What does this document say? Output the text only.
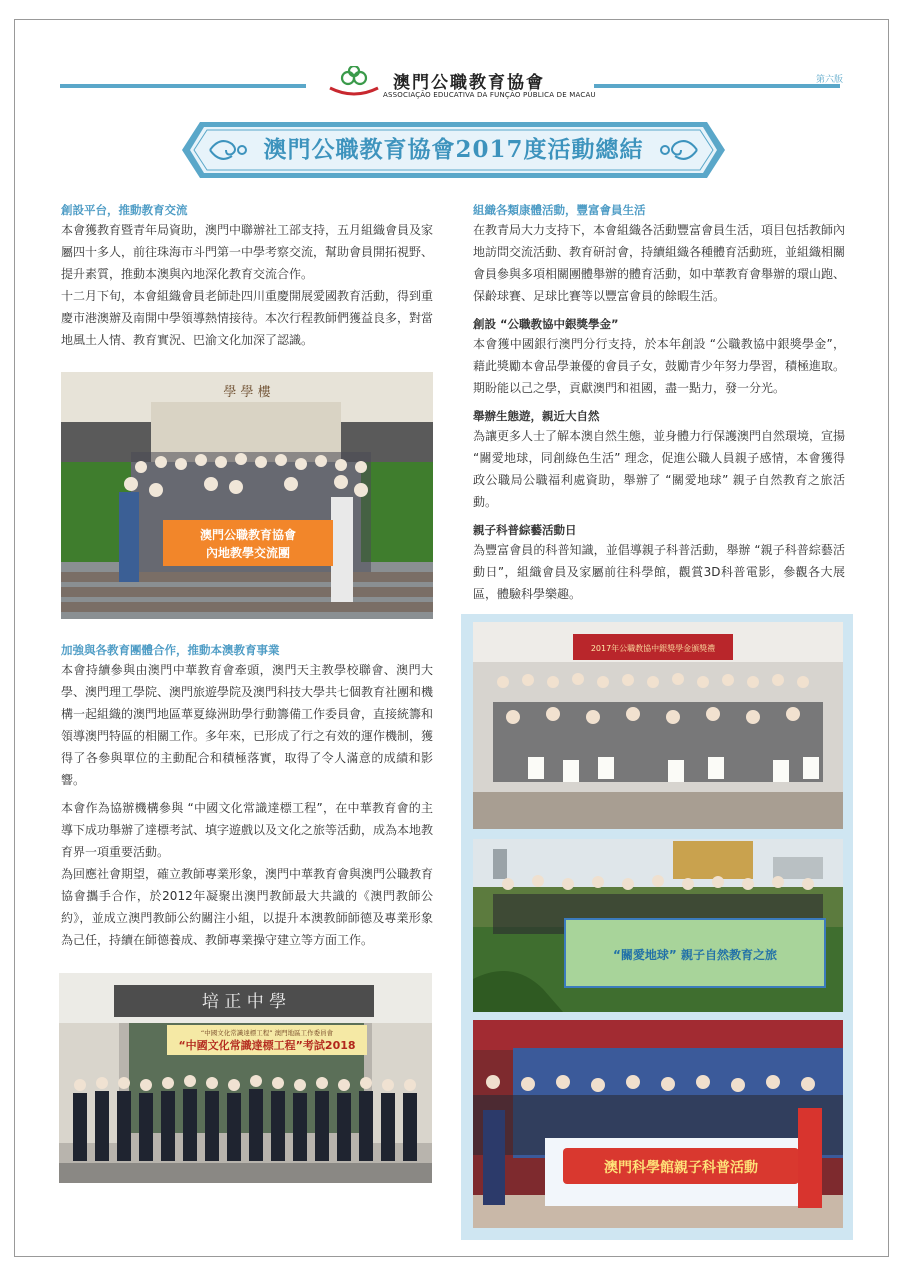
澳門公職教育協會
ASSOCIAÇÃO EDUCATIVA DA FUNÇÃO PÚBLICA DE MACAU
第六版
澳門公職教育協會2017度活動總結
創設平台，推動教育交流

本會獲教育暨青年局資助，澳門中聯辦社工部支持，五月組織會員及家屬四十多人，前往珠海市斗門第一中學考察交流，幫助會員開拓視野、提升素質，推動本澳與內地深化教育交流合作。

十二月下旬，本會組織會員老師赴四川重慶開展愛國教育活動，得到重慶市港澳辦及南開中學領導熱情接待。本次行程教師們獲益良多，對當地風土人情、教育實況、巴渝文化加深了認識。

澳門公職教育協會
內地教學交流團
學 學 樓
加強與各教育團體合作，推動本澳教育事業

本會持續參與由澳門中華教育會牽頭，澳門天主教學校聯會、澳門大學、澳門理工學院、澳門旅遊學院及澳門科技大學共七個教育社團和機構一起組織的澳門地區華夏綠洲助學行動籌備工作委員會，直接統籌和領導澳門特區的相關工作。多年來，已形成了行之有效的運作機制，獲得了各參與單位的主動配合和積極落實，取得了令人滿意的成績和影響。

本會作為協辦機構參與 “中國文化常識達標工程”，在中華教育會的主導下成功舉辦了達標考試、填字遊戲以及文化之旅等活動，成為本地教育界一項重要活動。

為回應社會期望，確立教師專業形象，澳門中華教育會與澳門公職教育協會攜手合作，於2012年凝聚出澳門教師最大共識的《澳門教師公約》，並成立澳門教師公約關注小組，以提升本澳教師師德及專業形象為己任，持續在師德養成、教師專業操守建立等方面工作。

培 正 中 學
“中國文化常識達標工程” 澳門地區工作委員會
“中國文化常識達標工程”考試2018
組織各類康體活動，豐富會員生活

在教青局大力支持下，本會組織各活動豐富會員生活，項目包括教師內地訪問交流活動、教育研討會，持續組織各種體育活動班，並組織相關會員參與多項相關團體舉辦的體育活動，如中華教育會舉辦的環山跑、保齡球賽、足球比賽等以豐富會員的餘暇生活。

創設 “公職教協中銀獎學金”

本會獲中國銀行澳門分行支持，於本年創設 “公職教協中銀獎學金”，藉此獎勵本會品學兼優的會員子女，鼓勵青少年努力學習，積極進取。期盼能以己之學，貢獻澳門和祖國，盡一點力，發一分光。

舉辦生態遊，親近大自然

為讓更多人士了解本澳自然生態，並身體力行保護澳門自然環境，宣揚 “關愛地球，同創綠色生活” 理念，促進公職人員親子感情，本會獲得政公職局公職福利處資助，舉辦了 “關愛地球” 親子自然教育之旅活動。

親子科普綜藝活動日

為豐富會員的科普知識，並倡導親子科普活動，舉辦 “親子科普綜藝活動日”，組織會員及家屬前往科學館，觀賞3D科普電影，參觀各大展區，體驗科學樂趣。

2017年公職教協中銀獎學金頒獎禮
“關愛地球” 親子自然教育之旅
澳門科學館親子科普活動
